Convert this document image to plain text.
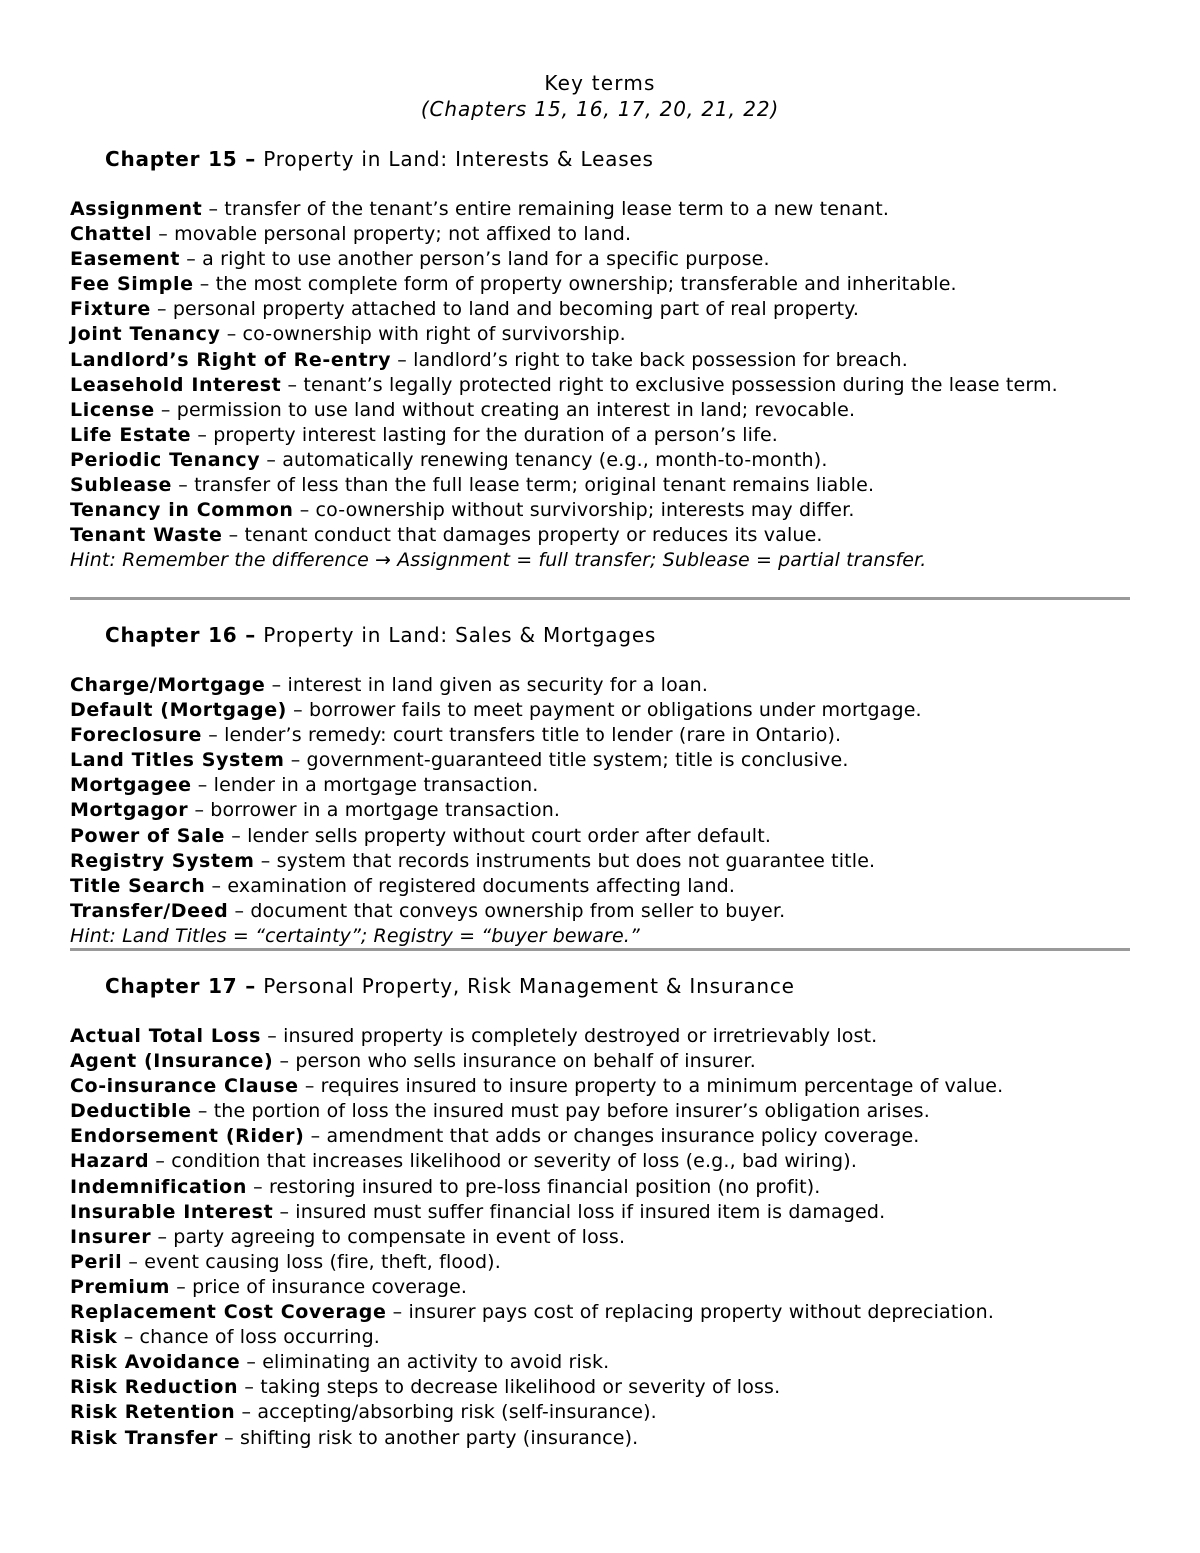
Key terms
(Chapters 15, 16, 17, 20, 21, 22)
Chapter 15 – Property in Land: Interests & Leases
Assignment – transfer of the tenant’s entire remaining lease term to a new tenant.
Chattel – movable personal property; not affixed to land.
Easement – a right to use another person’s land for a specific purpose.
Fee Simple – the most complete form of property ownership; transferable and inheritable.
Fixture – personal property attached to land and becoming part of real property.
Joint Tenancy – co-ownership with right of survivorship.
Landlord’s Right of Re-entry – landlord’s right to take back possession for breach.
Leasehold Interest – tenant’s legally protected right to exclusive possession during the lease term.
License – permission to use land without creating an interest in land; revocable.
Life Estate – property interest lasting for the duration of a person’s life.
Periodic Tenancy – automatically renewing tenancy (e.g., month-to-month).
Sublease – transfer of less than the full lease term; original tenant remains liable.
Tenancy in Common – co-ownership without survivorship; interests may differ.
Tenant Waste – tenant conduct that damages property or reduces its value.
Hint: Remember the difference → Assignment = full transfer; Sublease = partial transfer.
Chapter 16 – Property in Land: Sales & Mortgages
Charge/Mortgage – interest in land given as security for a loan.
Default (Mortgage) – borrower fails to meet payment or obligations under mortgage.
Foreclosure – lender’s remedy: court transfers title to lender (rare in Ontario).
Land Titles System – government-guaranteed title system; title is conclusive.
Mortgagee – lender in a mortgage transaction.
Mortgagor – borrower in a mortgage transaction.
Power of Sale – lender sells property without court order after default.
Registry System – system that records instruments but does not guarantee title.
Title Search – examination of registered documents affecting land.
Transfer/Deed – document that conveys ownership from seller to buyer.
Hint: Land Titles = “certainty”; Registry = “buyer beware.”
Chapter 17 – Personal Property, Risk Management & Insurance
Actual Total Loss – insured property is completely destroyed or irretrievably lost.
Agent (Insurance) – person who sells insurance on behalf of insurer.
Co-insurance Clause – requires insured to insure property to a minimum percentage of value.
Deductible – the portion of loss the insured must pay before insurer’s obligation arises.
Endorsement (Rider) – amendment that adds or changes insurance policy coverage.
Hazard – condition that increases likelihood or severity of loss (e.g., bad wiring).
Indemnification – restoring insured to pre-loss financial position (no profit).
Insurable Interest – insured must suffer financial loss if insured item is damaged.
Insurer – party agreeing to compensate in event of loss.
Peril – event causing loss (fire, theft, flood).
Premium – price of insurance coverage.
Replacement Cost Coverage – insurer pays cost of replacing property without depreciation.
Risk – chance of loss occurring.
Risk Avoidance – eliminating an activity to avoid risk.
Risk Reduction – taking steps to decrease likelihood or severity of loss.
Risk Retention – accepting/absorbing risk (self-insurance).
Risk Transfer – shifting risk to another party (insurance).
